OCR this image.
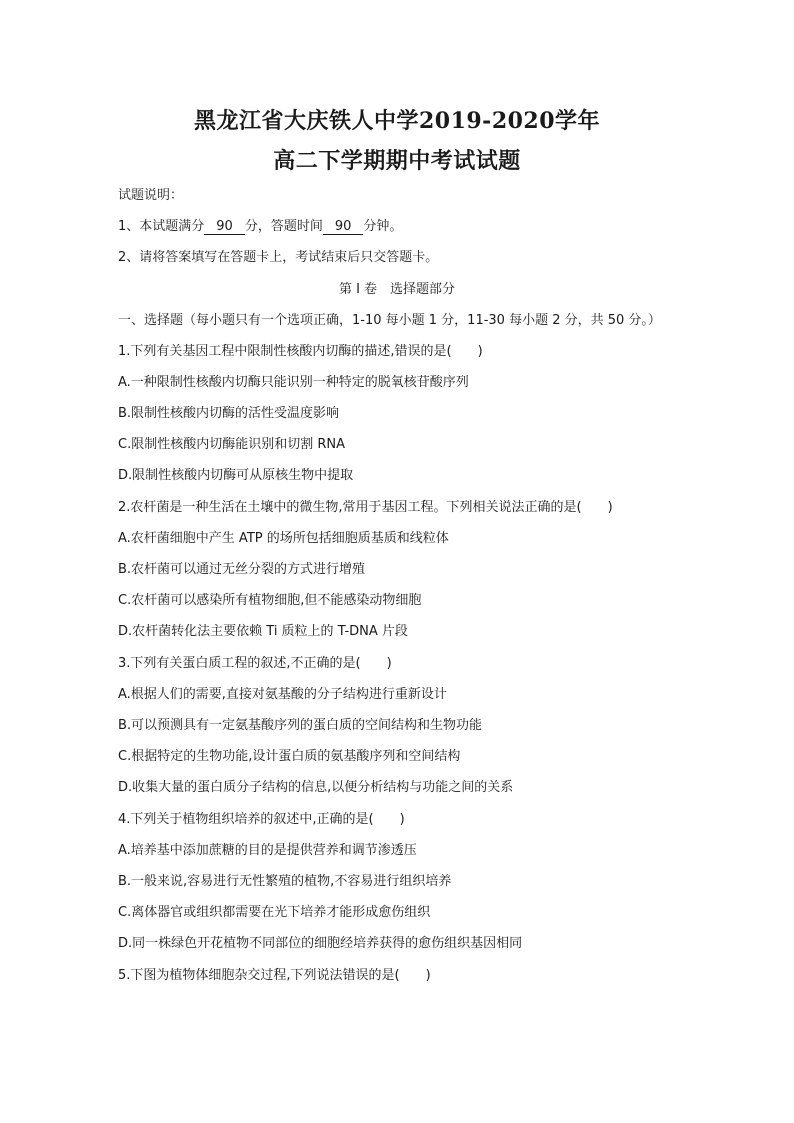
黑龙江省大庆铁人中学2019-2020学年
高二下学期期中考试试题
试题说明：
1、本试题满分 90 分，答题时间 90 分钟。
2、请将答案填写在答题卡上，考试结束后只交答题卡。
第 I 卷　选择题部分
一、选择题（每小题只有一个选项正确，1-10 每小题 1 分，11-30 每小题 2 分，共 50 分。）
1.下列有关基因工程中限制性核酸内切酶的描述,错误的是(　　)
A.一种限制性核酸内切酶只能识别一种特定的脱氧核苷酸序列
B.限制性核酸内切酶的活性受温度影响
C.限制性核酸内切酶能识别和切割 RNA
D.限制性核酸内切酶可从原核生物中提取
2.农杆菌是一种生活在土壤中的微生物,常用于基因工程。下列相关说法正确的是(　　)
A.农杆菌细胞中产生 ATP 的场所包括细胞质基质和线粒体
B.农杆菌可以通过无丝分裂的方式进行增殖
C.农杆菌可以感染所有植物细胞,但不能感染动物细胞
D.农杆菌转化法主要依赖 Ti 质粒上的 T-DNA 片段
3.下列有关蛋白质工程的叙述,不正确的是(　　)
A.根据人们的需要,直接对氨基酸的分子结构进行重新设计
B.可以预测具有一定氨基酸序列的蛋白质的空间结构和生物功能
C.根据特定的生物功能,设计蛋白质的氨基酸序列和空间结构
D.收集大量的蛋白质分子结构的信息,以便分析结构与功能之间的关系
4.下列关于植物组织培养的叙述中,正确的是(　　)
A.培养基中添加蔗糖的目的是提供营养和调节渗透压
B.一般来说,容易进行无性繁殖的植物,不容易进行组织培养
C.离体器官或组织都需要在光下培养才能形成愈伤组织
D.同一株绿色开花植物不同部位的细胞经培养获得的愈伤组织基因相同
5.下图为植物体细胞杂交过程,下列说法错误的是(　　)
